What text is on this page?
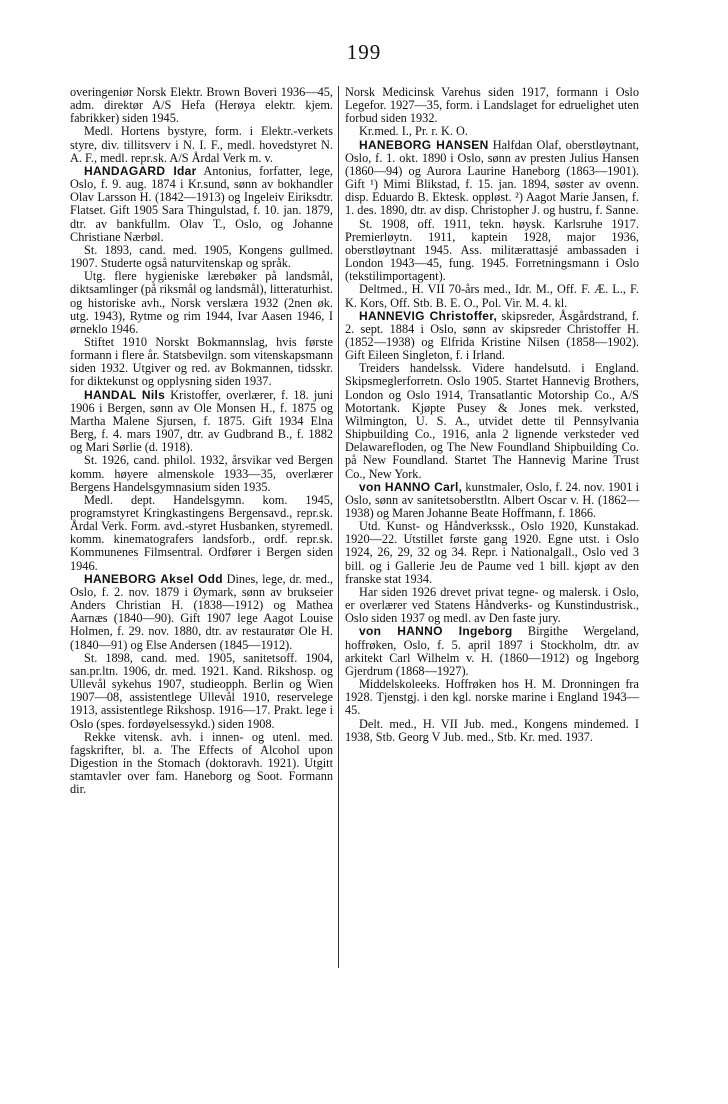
199

overingeniør Norsk Elektr. Brown Boveri 1936—45, adm. direktør A/S Hefa (Herøya elektr. kjem. fabrikker) siden 1945.

Medl. Hortens bystyre, form. i Elektr.-verkets styre, div. tillitsverv i N. I. F., medl. hovedstyret N. A. F., medl. repr.sk. A/S Årdal Verk m. v.

HANDAGARD Idar Antonius, forfatter, lege, Oslo, f. 9. aug. 1874 i Kr.sund, sønn av bokhandler Olav Larsson H. (1842—1913) og Ingeleiv Eiriksdtr. Flatset. Gift 1905 Sara Thingulstad, f. 10. jan. 1879, dtr. av bankfullm. Olav T., Oslo, og Johanne Christiane Nærbøl.

St. 1893, cand. med. 1905, Kongens gullmed. 1907. Studerte også naturvitenskap og språk.

Utg. flere hygieniske lærebøker på landsmål, diktsamlinger (på riksmål og landsmål), litteraturhist. og historiske avh., Norsk verslæra 1932 (2nen øk. utg. 1943), Rytme og rim 1944, Ivar Aasen 1946, I ørneklo 1946.

Stiftet 1910 Norskt Bokmannslag, hvis første formann i flere år. Statsbevilgn. som vitenskapsmann siden 1932. Utgiver og red. av Bokmannen, tidsskr. for diktekunst og opplysning siden 1937.

HANDAL Nils Kristoffer, overlærer, f. 18. juni 1906 i Bergen, sønn av Ole Monsen H., f. 1875 og Martha Malene Sjursen, f. 1875. Gift 1934 Elna Berg, f. 4. mars 1907, dtr. av Gudbrand B., f. 1882 og Mari Sørlie (d. 1918).

St. 1926, cand. philol. 1932, årsvikar ved Bergen komm. høyere almenskole 1933—35, overlærer Bergens Handelsgymnasium siden 1935.

Medl. dept. Handelsgymn. kom. 1945, programstyret Kringkastingens Bergensavd., repr.sk. Årdal Verk. Form. avd.-styret Husbanken, styremedl. komm. kinematografers landsforb., ordf. repr.sk. Kommunenes Filmsentral. Ordfører i Bergen siden 1946.

HANEBORG Aksel Odd Dines, lege, dr. med., Oslo, f. 2. nov. 1879 i Øymark, sønn av brukseier Anders Christian H. (1838—1912) og Mathea Aarnæs (1840—90). Gift 1907 lege Aagot Louise Holmen, f. 29. nov. 1880, dtr. av restauratør Ole H. (1840—91) og Else Andersen (1845—1912).

St. 1898, cand. med. 1905, sanitetsoff. 1904, san.pr.ltn. 1906, dr. med. 1921. Kand. Rikshosp. og Ullevål sykehus 1907, studieopph. Berlin og Wien 1907—08, assistentlege Ullevål 1910, reservelege 1913, assistentlege Rikshosp. 1916—17. Prakt. lege i Oslo (spes. fordøyelsessykd.) siden 1908.

Rekke vitensk. avh. i innen- og utenl. med. fagskrifter, bl. a. The Effects of Alcohol upon Digestion in the Stomach (doktoravh. 1921). Utgitt stamtavler over fam. Haneborg og Soot. Formann dir.

Norsk Medicinsk Varehus siden 1917, formann i Oslo Legefor. 1927—35, form. i Landslaget for edruelighet uten forbud siden 1932.

Kr.med. I., Pr. r. K. O.

HANEBORG HANSEN Halfdan Olaf, oberstløytnant, Oslo, f. 1. okt. 1890 i Oslo, sønn av presten Julius Hansen (1860—94) og Aurora Laurine Haneborg (1863—1901). Gift ¹) Mimi Blikstad, f. 15. jan. 1894, søster av ovenn. disp. Eduardo B. Ektesk. oppløst. ²) Aagot Marie Jansen, f. 1. des. 1890, dtr. av disp. Christopher J. og hustru, f. Sanne.

St. 1908, off. 1911, tekn. høysk. Karlsruhe 1917. Premierløytn. 1911, kaptein 1928, major 1936, oberstløytnant 1945. Ass. militærattasjé ambassaden i London 1943—45, fung. 1945. Forretningsmann i Oslo (tekstilimportagent).

Deltmed., H. VII 70-års med., Idr. M., Off. F. Æ. L., F. K. Kors, Off. Stb. B. E. O., Pol. Vir. M. 4. kl.

HANNEVIG Christoffer, skipsreder, Åsgårdstrand, f. 2. sept. 1884 i Oslo, sønn av skipsreder Christoffer H. (1852—1938) og Elfrida Kristine Nilsen (1858—1902). Gift Eileen Singleton, f. i Irland.

Treiders handelssk. Videre handelsutd. i England. Skipsmeglerforretn. Oslo 1905. Startet Hannevig Brothers, London og Oslo 1914, Transatlantic Motorship Co., A/S Motortank. Kjøpte Pusey & Jones mek. verksted, Wilmington, U. S. A., utvidet dette til Pennsylvania Shipbuilding Co., 1916, anla 2 lignende verksteder ved Delawarefloden, og The New Foundland Shipbuilding Co. på New Foundland. Startet The Hannevig Marine Trust Co., New York.

von HANNO Carl, kunstmaler, Oslo, f. 24. nov. 1901 i Oslo, sønn av sanitetsoberstltn. Albert Oscar v. H. (1862—1938) og Maren Johanne Beate Hoffmann, f. 1866.

Utd. Kunst- og Håndverkssk., Oslo 1920, Kunstakad. 1920—22. Utstillet første gang 1920. Egne utst. i Oslo 1924, 26, 29, 32 og 34. Repr. i Nationalgall., Oslo ved 3 bill. og i Gallerie Jeu de Paume ved 1 bill. kjøpt av den franske stat 1934.

Har siden 1926 drevet privat tegne- og malersk. i Oslo, er overlærer ved Statens Håndverks- og Kunstindustrisk., Oslo siden 1937 og medl. av Den faste jury.

von HANNO Ingeborg Birgithe Wergeland, hoffrøken, Oslo, f. 5. april 1897 i Stockholm, dtr. av arkitekt Carl Wilhelm v. H. (1860—1912) og Ingeborg Gjerdrum (1868—1927).

Middelskoleeks. Hoffrøken hos H. M. Dronningen fra 1928. Tjenstgj. i den kgl. norske marine i England 1943—45.

Delt. med., H. VII Jub. med., Kongens mindemed. I 1938, Stb. Georg V Jub. med., Stb. Kr. med. 1937.
